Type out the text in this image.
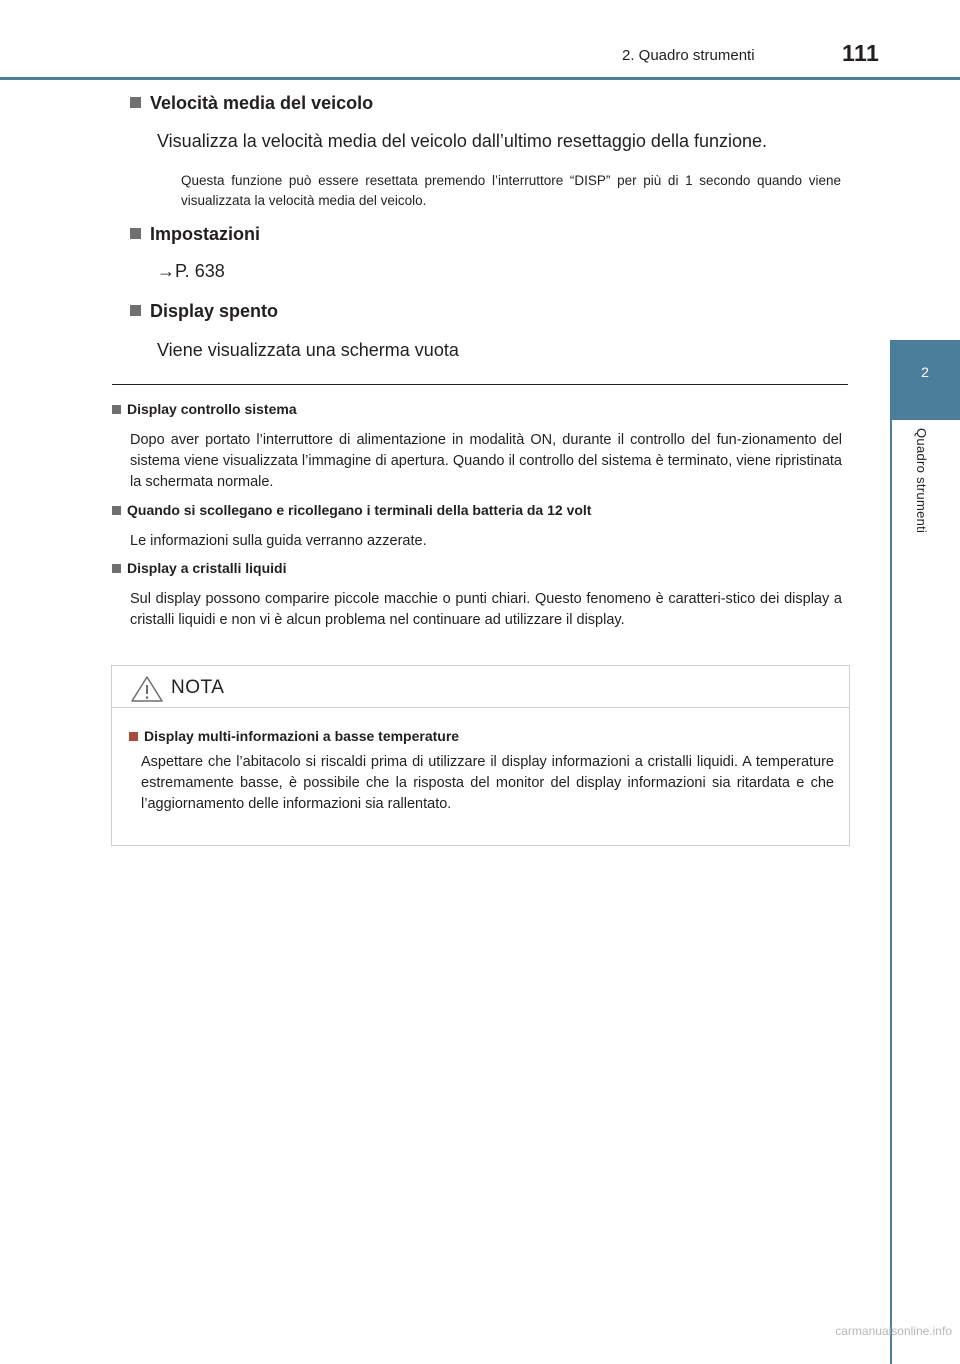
2. Quadro strumenti	111
2
Quadro strumenti
Velocità media del veicolo
Visualizza la velocità media del veicolo dall’ultimo resettaggio della funzione.
Questa funzione può essere resettata premendo l’interruttore “DISP” per più di 1 secondo quando viene visualizzata la velocità media del veicolo.
Impostazioni
→P. 638
Display spento
Viene visualizzata una scherma vuota
Display controllo sistema
Dopo aver portato l’interruttore di alimentazione in modalità ON, durante il controllo del fun-zionamento del sistema viene visualizzata l’immagine di apertura. Quando il controllo del sistema è terminato, viene ripristinata la schermata normale.
Quando si scollegano e ricollegano i terminali della batteria da 12 volt
Le informazioni sulla guida verranno azzerate.
Display a cristalli liquidi
Sul display possono comparire piccole macchie o punti chiari. Questo fenomeno è caratteri-stico dei display a cristalli liquidi e non vi è alcun problema nel continuare ad utilizzare il display.
NOTA
Display multi-informazioni a basse temperature
Aspettare che l’abitacolo si riscaldi prima di utilizzare il display informazioni a cristalli liquidi. A temperature estremamente basse, è possibile che la risposta del monitor del display informazioni sia ritardata e che l’aggiornamento delle informazioni sia rallentato.
carmanualsonline.info
